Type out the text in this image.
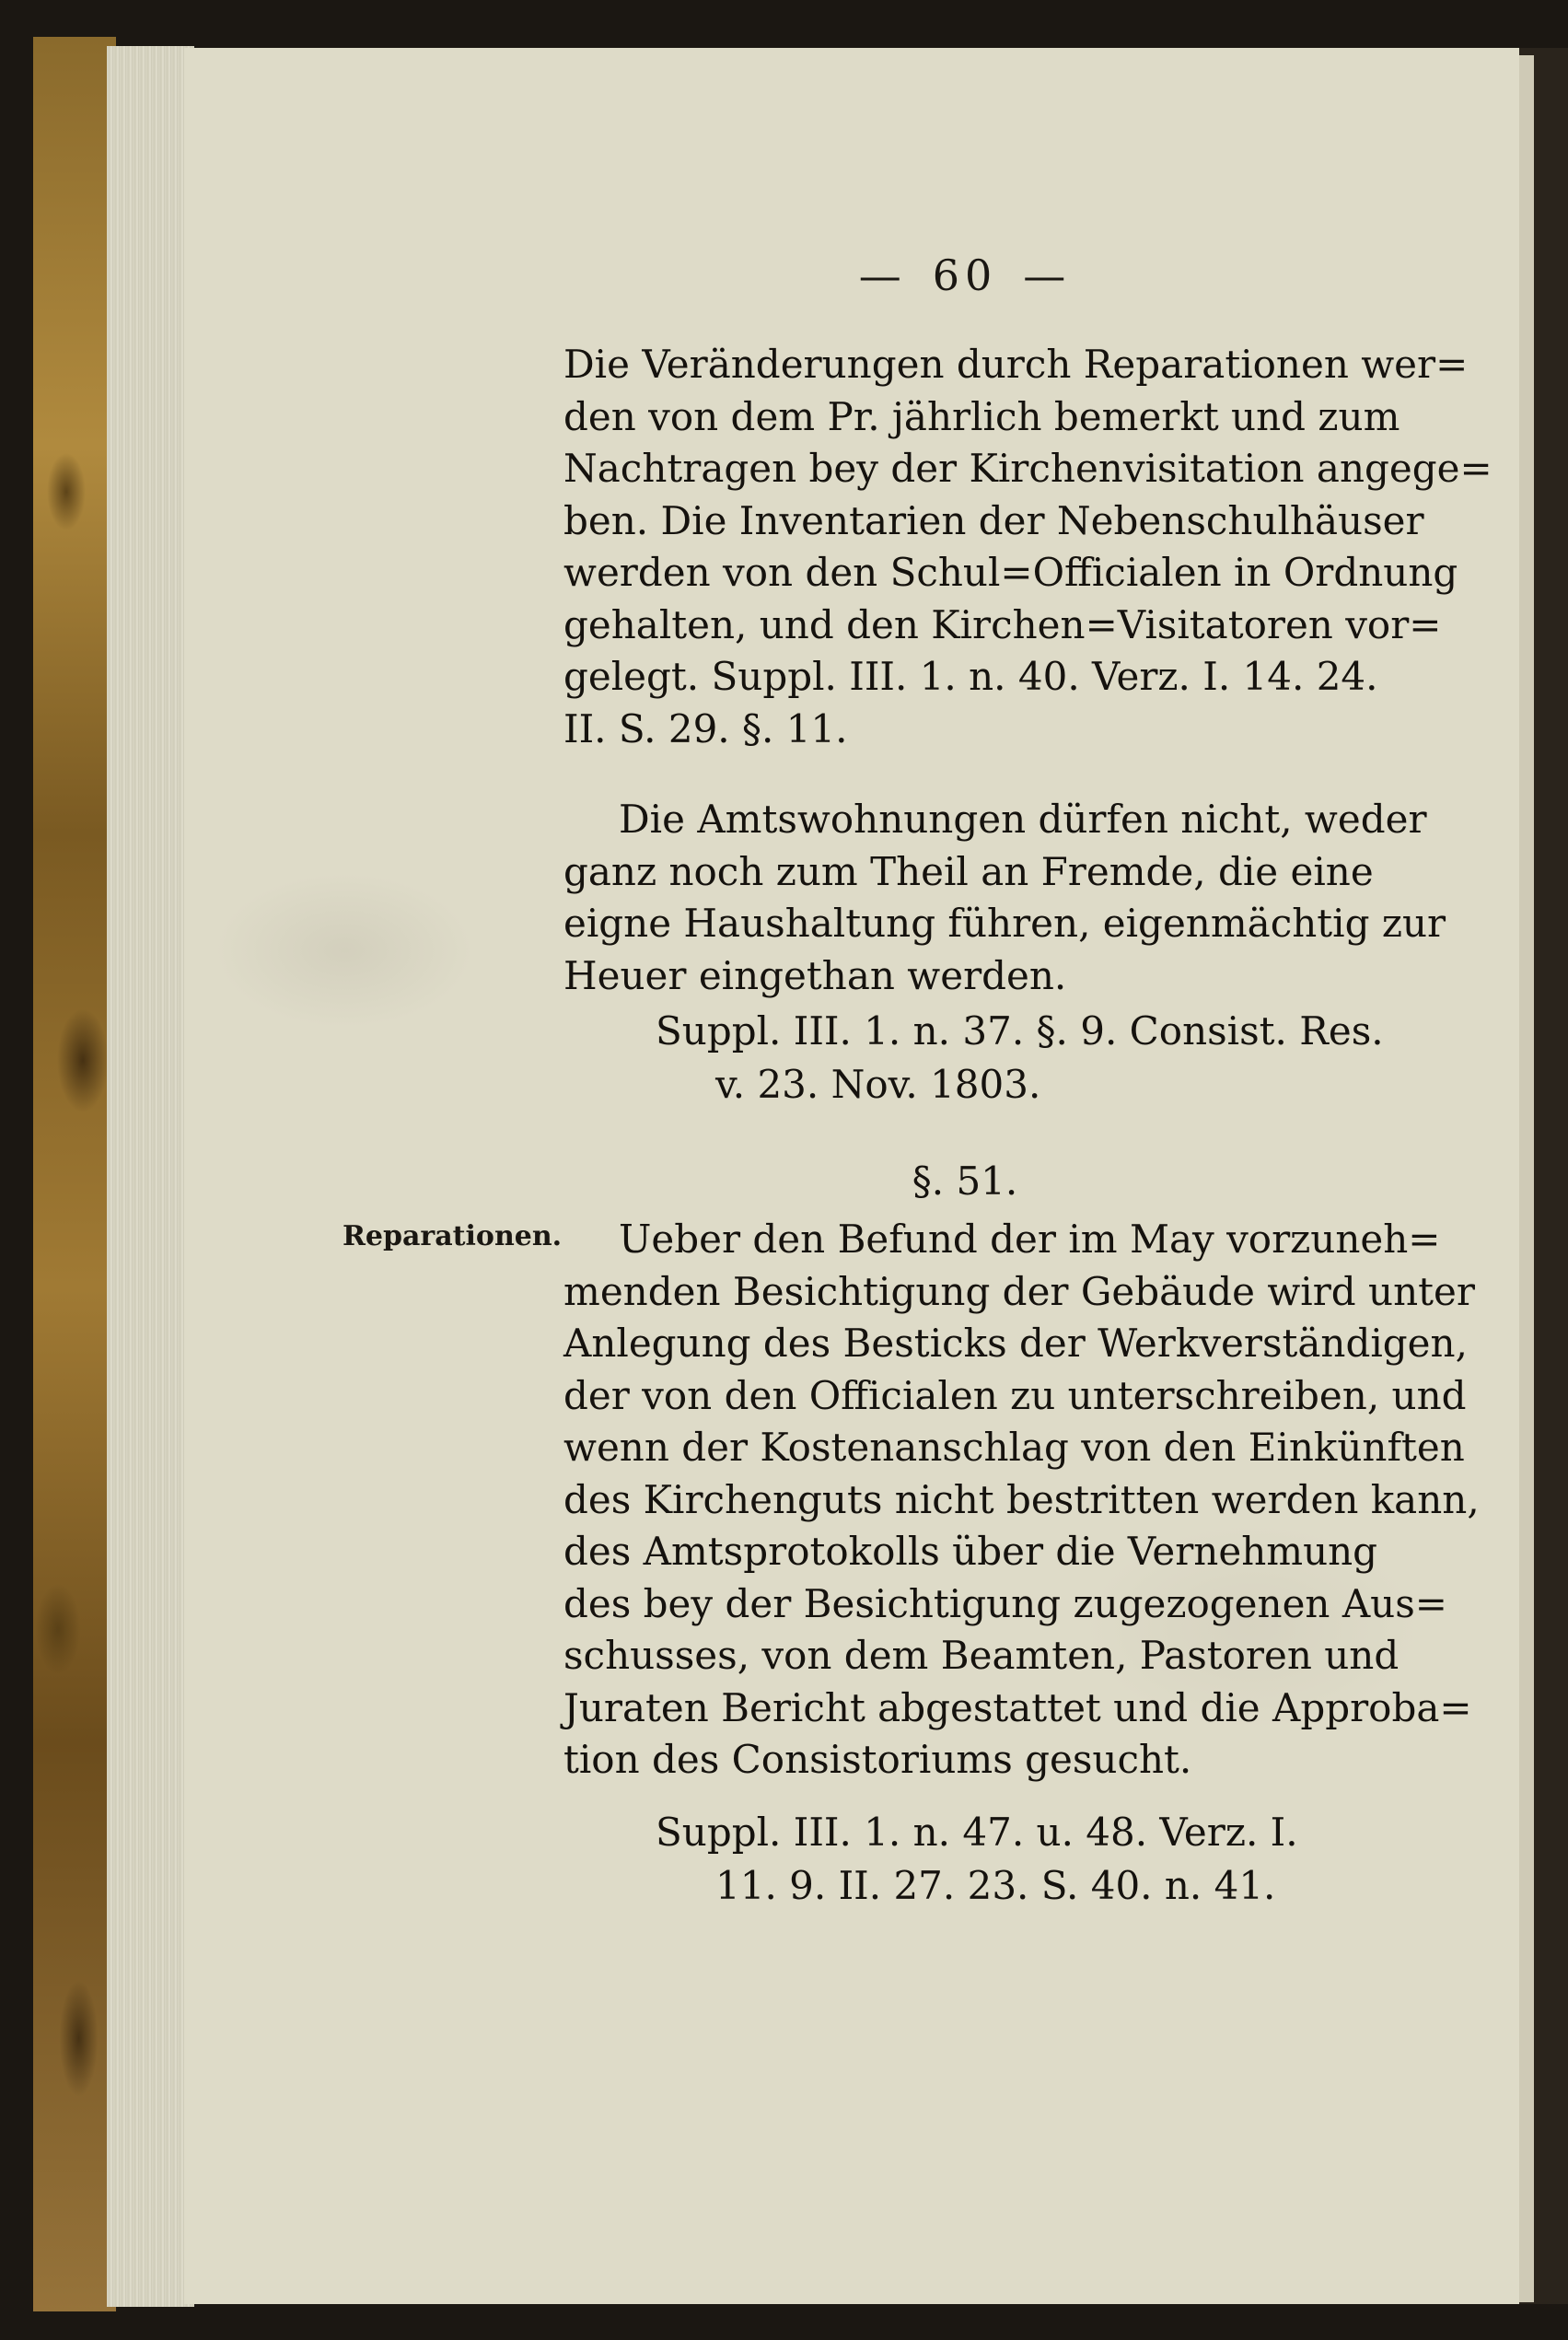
Reparationen.
— 60 —
Die Veränderungen durch Reparationen wer=
den von dem Pr. jährlich bemerkt und zum
Nachtragen bey der Kirchenvisitation angege=
ben. Die Inventarien der Nebenschulhäuser
werden von den Schul=Officialen in Ordnung
gehalten, und den Kirchen=Visitatoren vor=
gelegt. Suppl. III. 1. n. 40. Verz. I. 14. 24.
II. S. 29. §. 11.
Die Amtswohnungen dürfen nicht, weder
ganz noch zum Theil an Fremde, die eine
eigne Haushaltung führen, eigenmächtig zur
Heuer eingethan werden.
Suppl. III. 1. n. 37. §. 9. Consist. Res.
v. 23. Nov. 1803.
§. 51.
Ueber den Befund der im May vorzuneh=
menden Besichtigung der Gebäude wird unter
Anlegung des Besticks der Werkverständigen,
der von den Officialen zu unterschreiben, und
wenn der Kostenanschlag von den Einkünften
des Kirchenguts nicht bestritten werden kann,
des Amtsprotokolls über die Vernehmung
des bey der Besichtigung zugezogenen Aus=
schusses, von dem Beamten, Pastoren und
Juraten Bericht abgestattet und die Approba=
tion des Consistoriums gesucht.
Suppl. III. 1. n. 47. u. 48. Verz. I.
11. 9. II. 27. 23. S. 40. n. 41.
